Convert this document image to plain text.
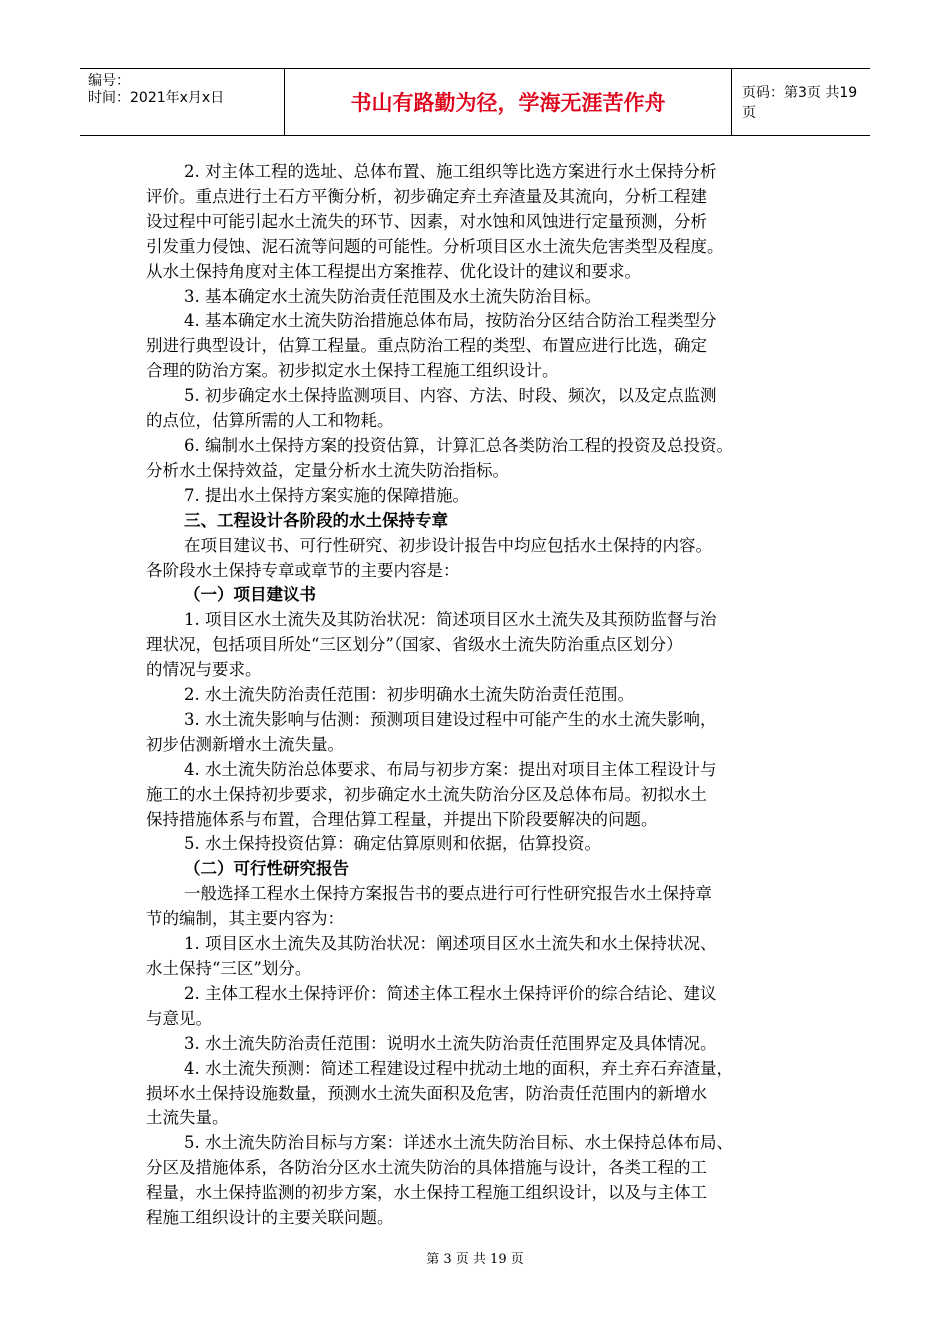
编号：
时间：2021年x月x日	书山有路勤为径，学海无涯苦作舟	页码：第3页 共19页

2. 对主体工程的选址、总体布置、施工组织等比选方案进行水土保持分析

评价。重点进行土石方平衡分析，初步确定弃土弃渣量及其流向，分析工程建

设过程中可能引起水土流失的环节、因素，对水蚀和风蚀进行定量预测，分析

引发重力侵蚀、泥石流等问题的可能性。分析项目区水土流失危害类型及程度。

从水土保持角度对主体工程提出方案推荐、优化设计的建议和要求。

3. 基本确定水土流失防治责任范围及水土流失防治目标。

4. 基本确定水土流失防治措施总体布局，按防治分区结合防治工程类型分

别进行典型设计，估算工程量。重点防治工程的类型、布置应进行比选，确定

合理的防治方案。初步拟定水土保持工程施工组织设计。

5. 初步确定水土保持监测项目、内容、方法、时段、频次，以及定点监测

的点位，估算所需的人工和物耗。

6. 编制水土保持方案的投资估算，计算汇总各类防治工程的投资及总投资。

分析水土保持效益，定量分析水土流失防治指标。

7. 提出水土保持方案实施的保障措施。

三、工程设计各阶段的水土保持专章

在项目建议书、可行性研究、初步设计报告中均应包括水土保持的内容。

各阶段水土保持专章或章节的主要内容是：

（一）项目建议书

1. 项目区水土流失及其防治状况：简述项目区水土流失及其预防监督与治

理状况，包括项目所处“三区划分”（国家、省级水土流失防治重点区划分）

的情况与要求。

2. 水土流失防治责任范围：初步明确水土流失防治责任范围。

3. 水土流失影响与估测：预测项目建设过程中可能产生的水土流失影响，

初步估测新增水土流失量。

4. 水土流失防治总体要求、布局与初步方案：提出对项目主体工程设计与

施工的水土保持初步要求，初步确定水土流失防治分区及总体布局。初拟水土

保持措施体系与布置，合理估算工程量，并提出下阶段要解决的问题。

5. 水土保持投资估算：确定估算原则和依据，估算投资。

（二）可行性研究报告

一般选择工程水土保持方案报告书的要点进行可行性研究报告水土保持章

节的编制，其主要内容为：

1. 项目区水土流失及其防治状况：阐述项目区水土流失和水土保持状况、

水土保持“三区”划分。

2. 主体工程水土保持评价：简述主体工程水土保持评价的综合结论、建议

与意见。

3. 水土流失防治责任范围：说明水土流失防治责任范围界定及具体情况。

4. 水土流失预测：简述工程建设过程中扰动土地的面积，弃土弃石弃渣量，

损坏水土保持设施数量，预测水土流失面积及危害，防治责任范围内的新增水

土流失量。

5. 水土流失防治目标与方案：详述水土流失防治目标、水土保持总体布局、

分区及措施体系，各防治分区水土流失防治的具体措施与设计，各类工程的工

程量，水土保持监测的初步方案，水土保持工程施工组织设计，以及与主体工

程施工组织设计的主要关联问题。

第 3 页 共 19 页
